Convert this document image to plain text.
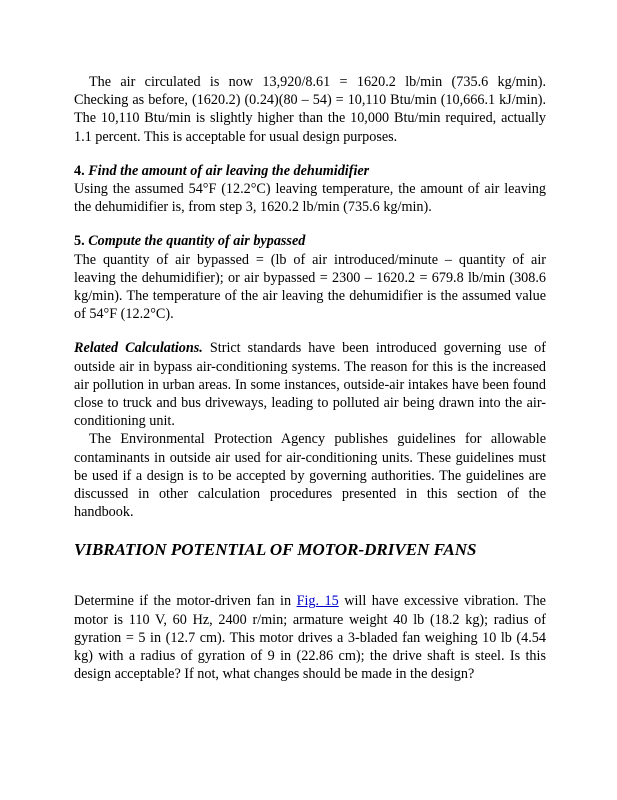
The air circulated is now 13,920/8.61 = 1620.2 lb/min (735.6 kg/min). Checking as before, (1620.2) (0.24)(80 – 54) = 10,110 Btu/min (10,666.1 kJ/min). The 10,110 Btu/min is slightly higher than the 10,000 Btu/min required, actually 1.1 percent. This is acceptable for usual design purposes.

4. Find the amount of air leaving the dehumidifier

Using the assumed 54°F (12.2°C) leaving temperature, the amount of air leaving the dehumidifier is, from step 3, 1620.2 lb/min (735.6 kg/min).

5. Compute the quantity of air bypassed

The quantity of air bypassed = (lb of air introduced/minute – quantity of air leaving the dehumidifier); or air bypassed = 2300 – 1620.2 = 679.8 lb/min (308.6 kg/min). The temperature of the air leaving the dehumidifier is the assumed value of 54°F (12.2°C).

Related Calculations. Strict standards have been introduced governing use of outside air in bypass air-conditioning systems. The reason for this is the increased air pollution in urban areas. In some instances, outside-air intakes have been found close to truck and bus driveways, leading to polluted air being drawn into the air-conditioning unit.

The Environmental Protection Agency publishes guidelines for allowable contaminants in outside air used for air-conditioning units. These guidelines must be used if a design is to be accepted by governing authorities. The guidelines are discussed in other calculation procedures presented in this section of the handbook.

VIBRATION POTENTIAL OF MOTOR-DRIVEN FANS

Determine if the motor-driven fan in Fig. 15 will have excessive vibration. The motor is 110 V, 60 Hz, 2400 r/min; armature weight 40 lb (18.2 kg); radius of gyration = 5 in (12.7 cm). This motor drives a 3-bladed fan weighing 10 lb (4.54 kg) with a radius of gyration of 9 in (22.86 cm); the drive shaft is steel. Is this design acceptable? If not, what changes should be made in the design?
